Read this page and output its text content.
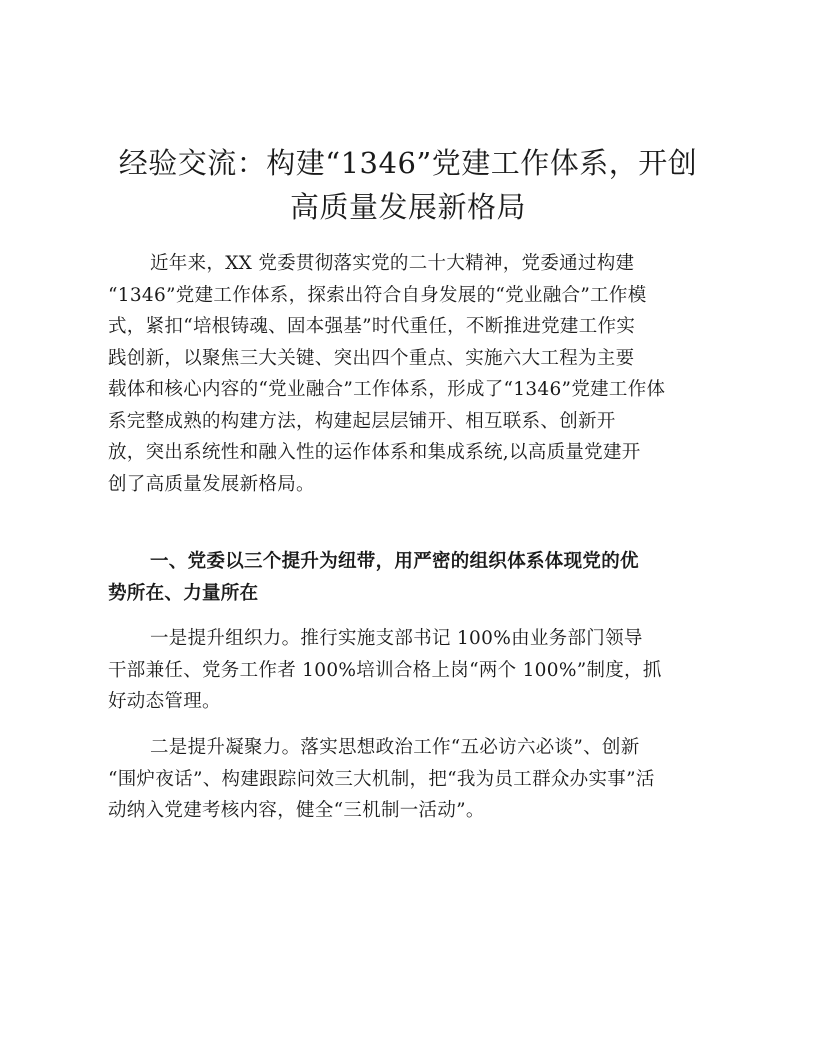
经验交流：构建“1346”党建工作体系，开创
高质量发展新格局
近年来，XX 党委贯彻落实党的二十大精神，党委通过构建
“1346”党建工作体系，探索出符合自身发展的“党业融合”工作模
式，紧扣“培根铸魂、固本强基”时代重任，不断推进党建工作实
践创新，以聚焦三大关键、突出四个重点、实施六大工程为主要
载体和核心内容的“党业融合”工作体系，形成了“1346”党建工作体
系完整成熟的构建方法，构建起层层铺开、相互联系、创新开
放，突出系统性和融入性的运作体系和集成系统,以高质量党建开
创了高质量发展新格局。
一、党委以三个提升为纽带，用严密的组织体系体现党的优
势所在、力量所在
一是提升组织力。推行实施支部书记 100%由业务部门领导
干部兼任、党务工作者 100%培训合格上岗“两个 100%”制度，抓
好动态管理。
二是提升凝聚力。落实思想政治工作“五必访六必谈”、创新
“围炉夜话”、构建跟踪问效三大机制，把“我为员工群众办实事”活
动纳入党建考核内容，健全“三机制一活动”。
